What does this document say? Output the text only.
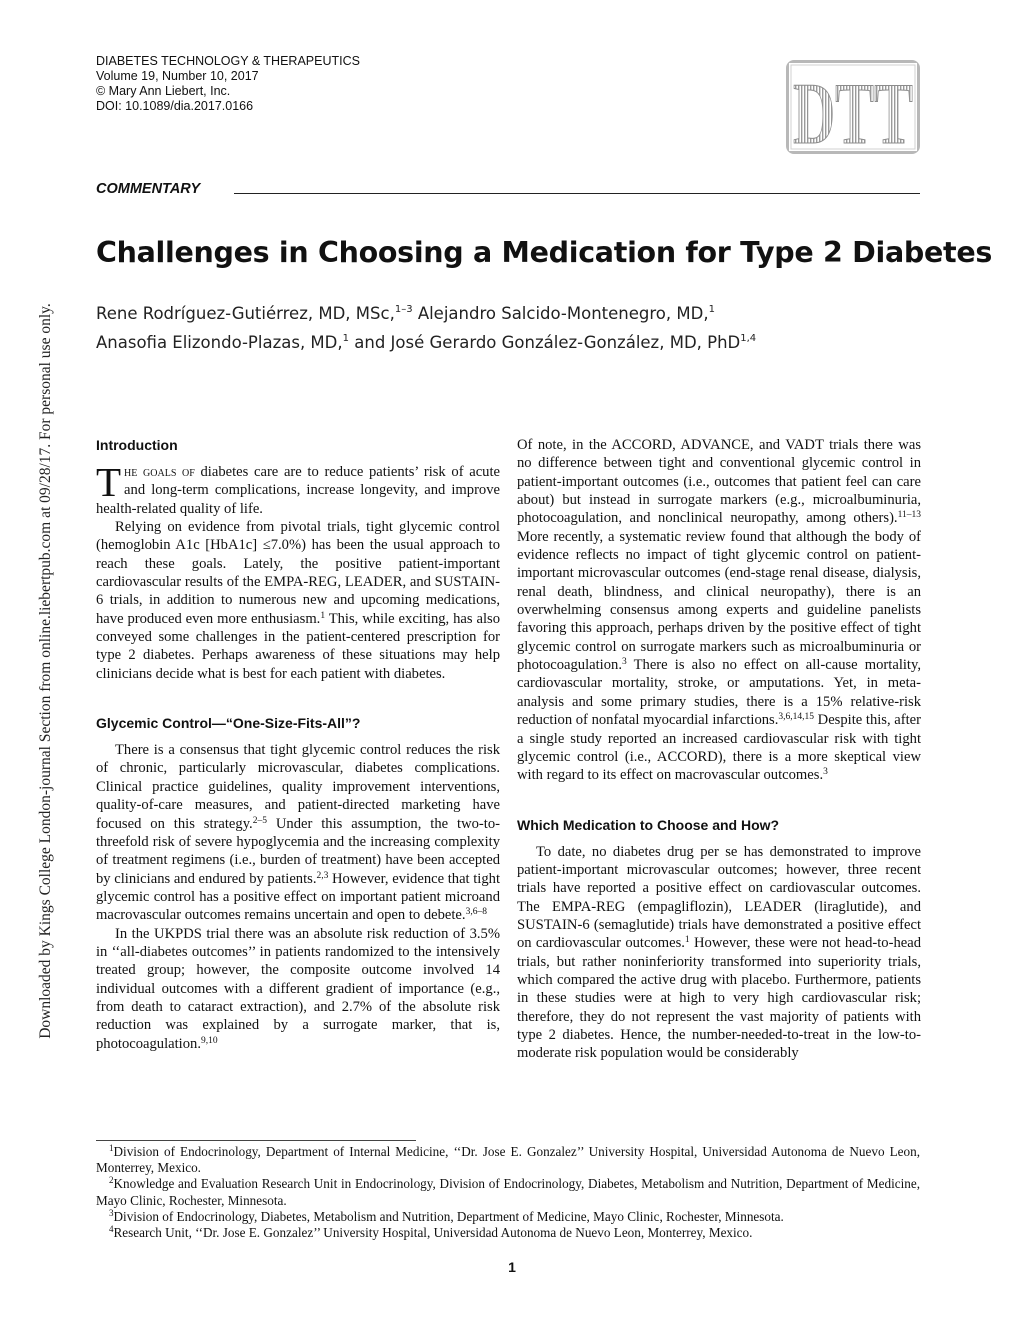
DIABETES TECHNOLOGY & THERAPEUTICS
Volume 19, Number 10, 2017
© Mary Ann Liebert, Inc.
DOI: 10.1089/dia.2017.0166	DTT
COMMENTARY
Challenges in Choosing a Medication for Type 2 Diabetes
Rene Rodríguez-Gutiérrez, MD, MSc,$^{1-3}$ Alejandro Salcido-Montenegro, MD,$^1$
Anasofia Elizondo-Plazas, MD,$^1$ and José Gerardo González-González, MD, PhD$^{1,4}$
Downloaded by Kings College London-journal Section from online.liebertpub.com at 09/28/17. For personal use only.	Introduction

The goals of diabetes care are to reduce patients’ risk of acute and long-term complications, increase longevity, and improve health-related quality of life.

Relying on evidence from pivotal trials, tight glycemic control (hemoglobin A1c [HbA1c] ≤7.0%) has been the usual approach to reach these goals. Lately, the positive patient-important cardiovascular results of the EMPA-REG, LEADER, and SUSTAIN-6 trials, in addition to numerous new and upcoming medications, have produced even more enthusiasm.$^1$ This, while exciting, has also conveyed some challenges in the patient-centered prescription for type 2 diabetes. Perhaps awareness of these situations may help clinicians decide what is best for each patient with diabetes.

Glycemic Control—“One-Size-Fits-All”?

There is a consensus that tight glycemic control reduces the risk of chronic, particularly microvascular, diabetes complications. Clinical practice guidelines, quality improvement interventions, quality-of-care measures, and patient-directed marketing have focused on this strategy.$^{2-5}$ Under this assumption, the two-to-threefold risk of severe hypoglycemia and the increasing complexity of treatment regimens (i.e., burden of treatment) have been accepted by clinicians and endured by patients.$^{2,3}$ However, evidence that tight glycemic control has a positive effect on important patient microand macrovascular outcomes remains uncertain and open to debete.$^{3,6-8}$

In the UKPDS trial there was an absolute risk reduction of 3.5% in ‘‘all-diabetes outcomes’’ in patients randomized to the intensively treated group; however, the composite outcome involved 14 individual outcomes with a different gradient of importance (e.g., from death to cataract extraction), and 2.7% of the absolute risk reduction was explained by a surrogate marker, that is, photocoagulation.$^{9,10}$

Of note, in the ACCORD, ADVANCE, and VADT trials there was no difference between tight and conventional glycemic control in patient-important outcomes (i.e., outcomes that patient feel can care about) but instead in surrogate markers (e.g., microalbuminuria, photocoagulation, and nonclinical neuropathy, among others).$^{11-13}$ More recently, a systematic review found that although the body of evidence reflects no impact of tight glycemic control on patient-important microvascular outcomes (end-stage renal disease, dialysis, renal death, blindness, and clinical neuropathy), there is an overwhelming consensus among experts and guideline panelists favoring this approach, perhaps driven by the positive effect of tight glycemic control on surrogate markers such as microalbuminuria or photocoagulation.$^3$ There is also no effect on all-cause mortality, cardiovascular mortality, stroke, or amputations. Yet, in meta-analysis and some primary studies, there is a 15% relative-risk reduction of nonfatal myocardial infarctions.$^{3,6,14,15}$ Despite this, after a single study reported an increased cardiovascular risk with tight glycemic control (i.e., ACCORD), there is a more skeptical view with regard to its effect on macrovascular outcomes.$^3$

Which Medication to Choose and How?

To date, no diabetes drug per se has demonstrated to improve patient-important microvascular outcomes; however, three recent trials have reported a positive effect on cardiovascular outcomes. The EMPA-REG (empagliflozin), LEADER (liraglutide), and SUSTAIN-6 (semaglutide) trials have demonstrated a positive effect on cardiovascular outcomes.$^1$ However, these were not head-to-head trials, but rather noninferiority transformed into superiority trials, which compared the active drug with placebo. Furthermore, patients in these studies were at high to very high cardiovascular risk; therefore, they do not represent the vast majority of patients with type 2 diabetes. Hence, the number-needed-to-treat in the low-to-moderate risk population would be considerably

$^1$Division of Endocrinology, Department of Internal Medicine, ‘‘Dr. Jose E. Gonzalez’’ University Hospital, Universidad Autonoma de Nuevo Leon, Monterrey, Mexico.

$^2$Knowledge and Evaluation Research Unit in Endocrinology, Division of Endocrinology, Diabetes, Metabolism and Nutrition, Department of Medicine, Mayo Clinic, Rochester, Minnesota.

$^3$Division of Endocrinology, Diabetes, Metabolism and Nutrition, Department of Medicine, Mayo Clinic, Rochester, Minnesota.

$^4$Research Unit, ‘‘Dr. Jose E. Gonzalez’’ University Hospital, Universidad Autonoma de Nuevo Leon, Monterrey, Mexico.

1
